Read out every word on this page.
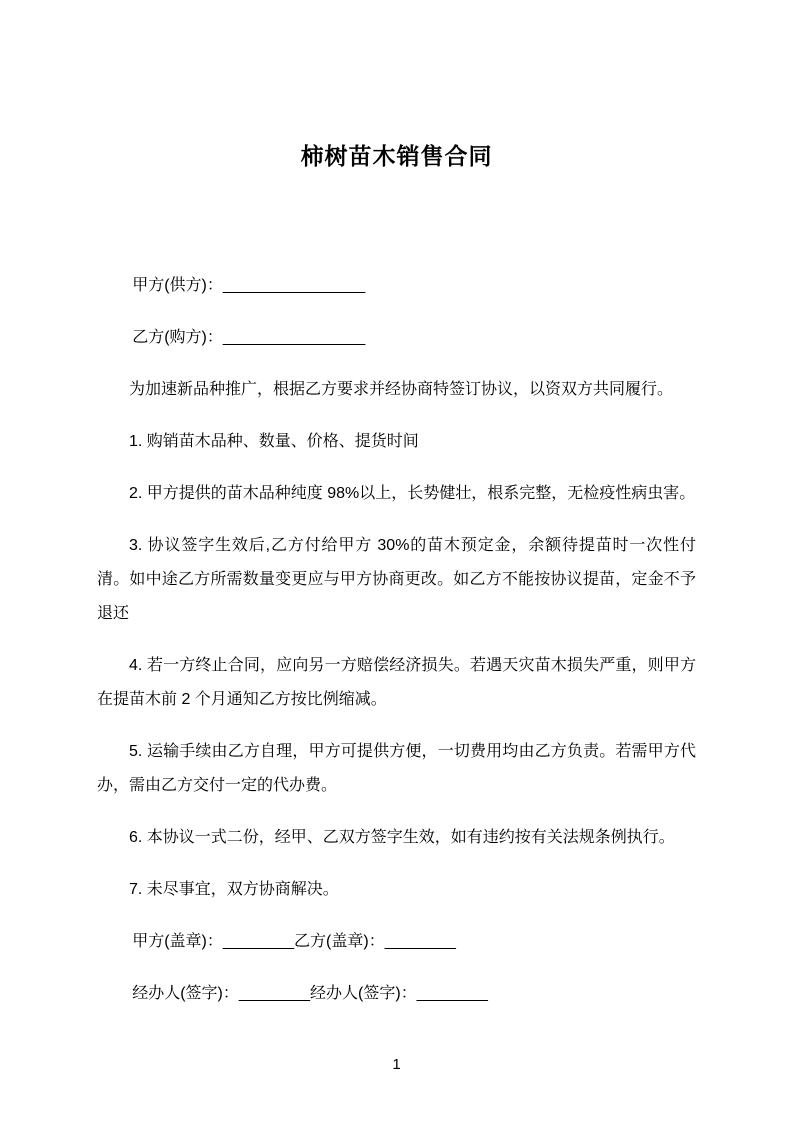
柿树苗木销售合同

甲方(供方)：________________

乙方(购方)：________________

为加速新品种推广，根据乙方要求并经协商特签订协议，以资双方共同履行。

1. 购销苗木品种、数量、价格、提货时间

2. 甲方提供的苗木品种纯度 98%以上，长势健壮，根系完整，无检疫性病虫害。

3. 协议签字生效后,乙方付给甲方 30%的苗木预定金，余额待提苗时一次性付清。如中途乙方所需数量变更应与甲方协商更改。如乙方不能按协议提苗，定金不予退还

4. 若一方终止合同，应向另一方赔偿经济损失。若遇天灾苗木损失严重，则甲方在提苗木前 2 个月通知乙方按比例缩减。

5. 运输手续由乙方自理，甲方可提供方便，一切费用均由乙方负责。若需甲方代办，需由乙方交付一定的代办费。

6. 本协议一式二份，经甲、乙双方签字生效，如有违约按有关法规条例执行。

7. 未尽事宜，双方协商解决。

甲方(盖章)：________乙方(盖章)：________

经办人(签字)：________经办人(签字)：________

1
